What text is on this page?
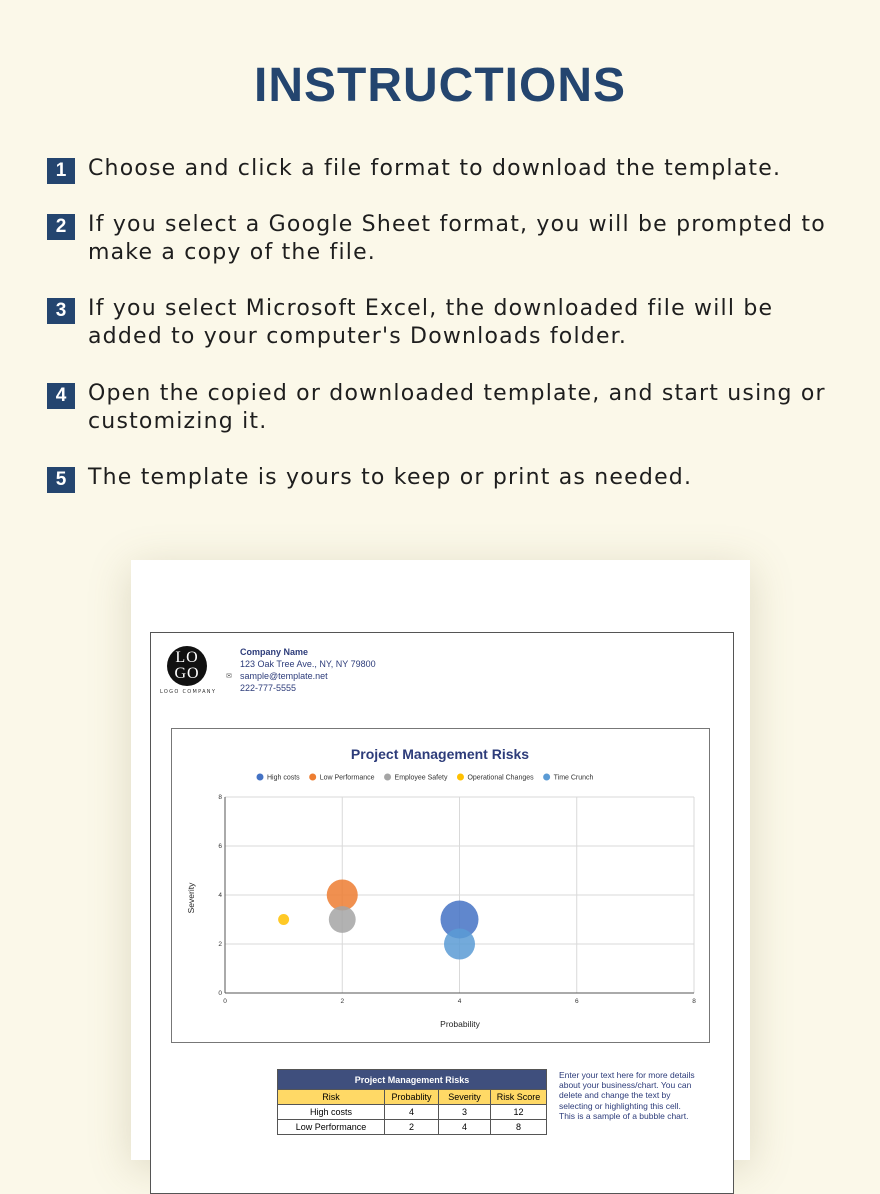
INSTRUCTIONS
1 Choose and click a file format to download the template.
2 If you select a Google Sheet format, you will be prompted to make a copy of the file.
3 If you select Microsoft Excel, the downloaded file will be added to your computer's Downloads folder.
4 Open the copied or downloaded template, and start using or customizing it.
5 The template is yours to keep or print as needed.
LO
GO
LOGO COMPANY
✉
Company Name
123 Oak Tree Ave., NY, NY 79800
sample@template.net
222-777-5555
Project Management Risks
High costs	Low Performance	Employee Safety	Operational Changes	Time Crunch
0	2	4	6	8
0
2
4
6
8
Probability
Severity
Project Management Risks			
Risk	Probablity	Severity	Risk Score
High costs	4	3	12
Low Performance	2	4	8
Enter your text here for more details about your business/chart. You can delete and change the text by selecting or highlighting this cell. This is a sample of a bubble chart.
